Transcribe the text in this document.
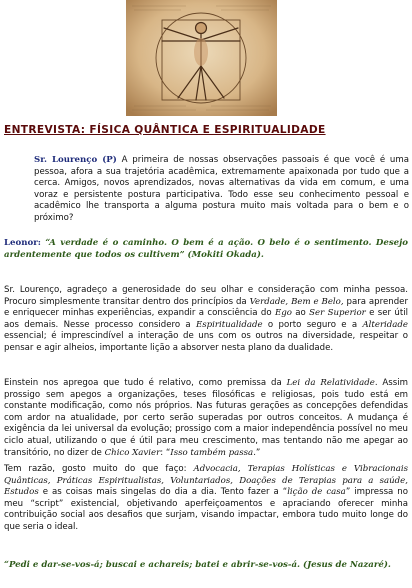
ENTREVISTA: FÍSICA QUÂNTICA E ESPIRITUALIDADE
Sr. Lourenço (P) A primeira de nossas observações passoais é que você é uma pessoa, afora a sua trajetória acadêmica, extremamente apaixonada por tudo que a cerca. Amigos, novos aprendizados, novas alternativas da vida em comum, e uma voraz e persistente postura participativa. Todo esse seu conhecimento pessoal e acadêmico lhe transporta a alguma postura muito mais voltada para o bem e o próximo?
Leonor: “A verdade é o caminho. O bem é a ação. O belo é o sentimento. Desejo ardentemente que todos os cultivem” (Mokiti Okada).
Sr. Lourenço, agradeço a generosidade do seu olhar e consideração com minha pessoa. Procuro simplesmente transitar dentro dos princípios da Verdade, Bem e Belo, para aprender e enriquecer minhas experiências, expandir a consciência do Ego ao Ser Superior e ser útil aos demais. Nesse processo considero a Espiritualidade o porto seguro e a Alteridade essencial; é imprescindível a interação de uns com os outros na diversidade, respeitar o pensar e agir alheios, importante lição a absorver nesta plano da dualidade.
Einstein nos apregoa que tudo é relativo, como premissa da Lei da Relatividade. Assim prossigo sem apegos a organizações, teses filosóficas e religiosas, pois tudo está em constante modificação, como nós próprios. Nas futuras gerações as concepções defendidas com ardor na atualidade, por certo serão superadas por outros conceitos. A mudança é exigência da lei universal da evolução; prossigo com a maior independência possível no meu ciclo atual, utilizando o que é útil para meu crescimento, mas tentando não me apegar ao transitório, no dizer de Chico Xavier: “Isso também passa.”
Tem razão, gosto muito do que faço: Advocacia, Terapias Holísticas e Vibracionais Quânticas, Práticas Espiritualistas, Voluntariados, Doações de Terapias para a saúde, Estudos e as coisas mais singelas do dia a dia. Tento fazer a “lição de casa” impressa no meu “script” existencial, objetivando aperfeiçoamentos e apraciando oferecer minha contribuição social aos desafios que surjam, visando impactar, embora tudo muito longe do que seria o ideal.
“Pedi e dar-se-vos-á; buscai e achareis; batei e abrir-se-vos-á. (Jesus de Nazaré).
